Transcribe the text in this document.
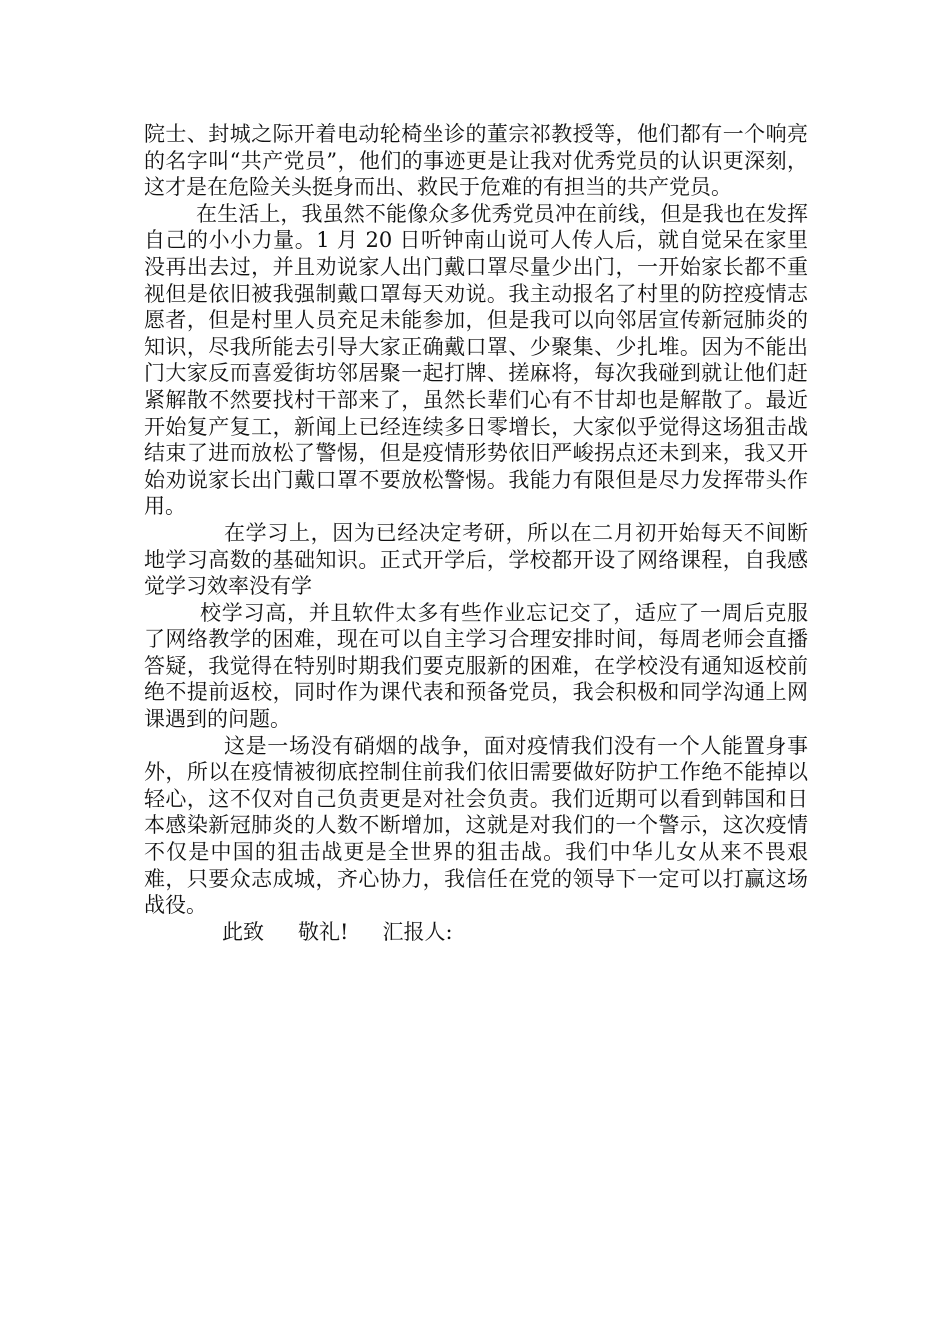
院士、封城之际开着电动轮椅坐诊的董宗祁教授等，他们都有一个响亮的名字叫“共产党员”，他们的事迹更是让我对优秀党员的认识更深刻，这才是在危险关头挺身而出、救民于危难的有担当的共产党员。

在生活上，我虽然不能像众多优秀党员冲在前线，但是我也在发挥自己的小小力量。1 月 20 日听钟南山说可人传人后，就自觉呆在家里没再出去过，并且劝说家人出门戴口罩尽量少出门，一开始家长都不重视但是依旧被我强制戴口罩每天劝说。我主动报名了村里的防控疫情志愿者，但是村里人员充足未能参加，但是我可以向邻居宣传新冠肺炎的知识，尽我所能去引导大家正确戴口罩、少聚集、少扎堆。因为不能出门大家反而喜爱街坊邻居聚一起打牌、搓麻将，每次我碰到就让他们赶紧解散不然要找村干部来了，虽然长辈们心有不甘却也是解散了。最近开始复产复工，新闻上已经连续多日零增长，大家似乎觉得这场狙击战结束了进而放松了警惕，但是疫情形势依旧严峻拐点还未到来，我又开始劝说家长出门戴口罩不要放松警惕。我能力有限但是尽力发挥带头作用。

在学习上，因为已经决定考研，所以在二月初开始每天不间断地学习高数的基础知识。正式开学后，学校都开设了网络课程，自我感觉学习效率没有学

校学习高，并且软件太多有些作业忘记交了，适应了一周后克服了网络教学的困难，现在可以自主学习合理安排时间，每周老师会直播答疑，我觉得在特别时期我们要克服新的困难，在学校没有通知返校前绝不提前返校，同时作为课代表和预备党员，我会积极和同学沟通上网课遇到的问题。

这是一场没有硝烟的战争，面对疫情我们没有一个人能置身事外，所以在疫情被彻底控制住前我们依旧需要做好防护工作绝不能掉以轻心，这不仅对自己负责更是对社会负责。我们近期可以看到韩国和日本感染新冠肺炎的人数不断增加，这就是对我们的一个警示，这次疫情不仅是中国的狙击战更是全世界的狙击战。我们中华儿女从来不畏艰难，只要众志成城，齐心协力，我信任在党的领导下一定可以打赢这场战役。

此致 敬礼! 汇报人:
